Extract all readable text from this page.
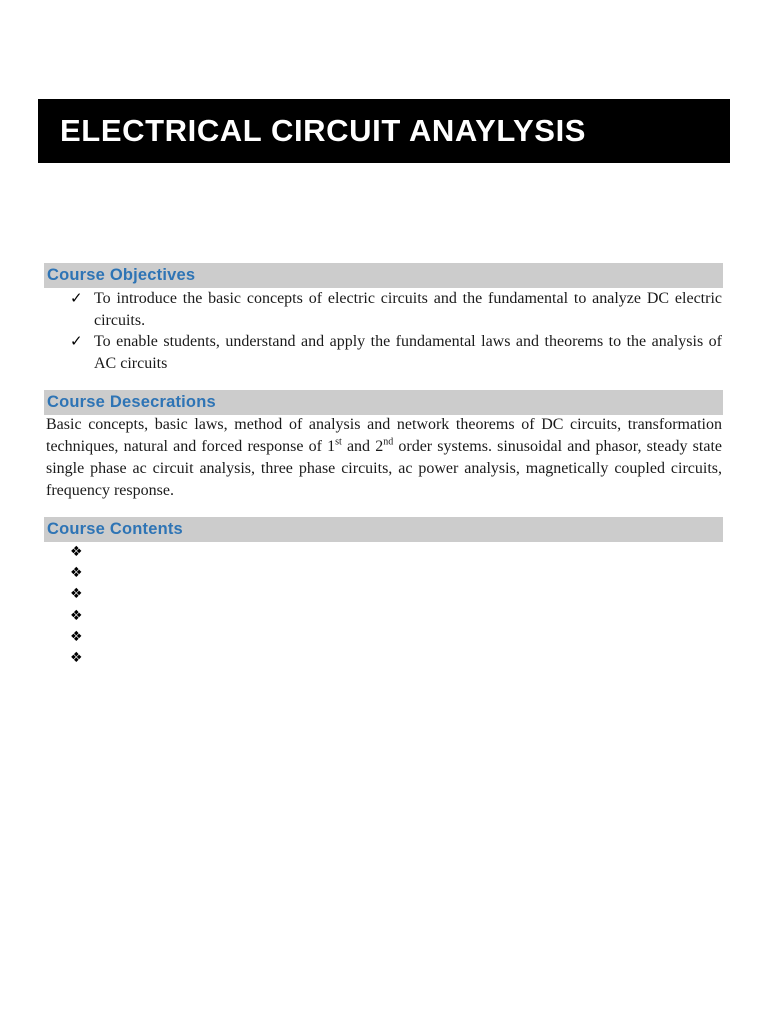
ELECTRICAL CIRCUIT ANAYLYSIS
Course Objectives
✓ To introduce the basic concepts of electric circuits and the fundamental to analyze DC electric circuits.
✓ To enable students, understand and apply the fundamental laws and theorems to the analysis of AC circuits
Course Desecrations

Basic concepts, basic laws, method of analysis and network theorems of DC circuits, transformation techniques, natural and forced response of 1st and 2nd order systems. sinusoidal and phasor, steady state single phase ac circuit analysis, three phase circuits, ac power analysis, magnetically coupled circuits, frequency response.

Course Contents
❖
❖
❖
❖
❖
❖
